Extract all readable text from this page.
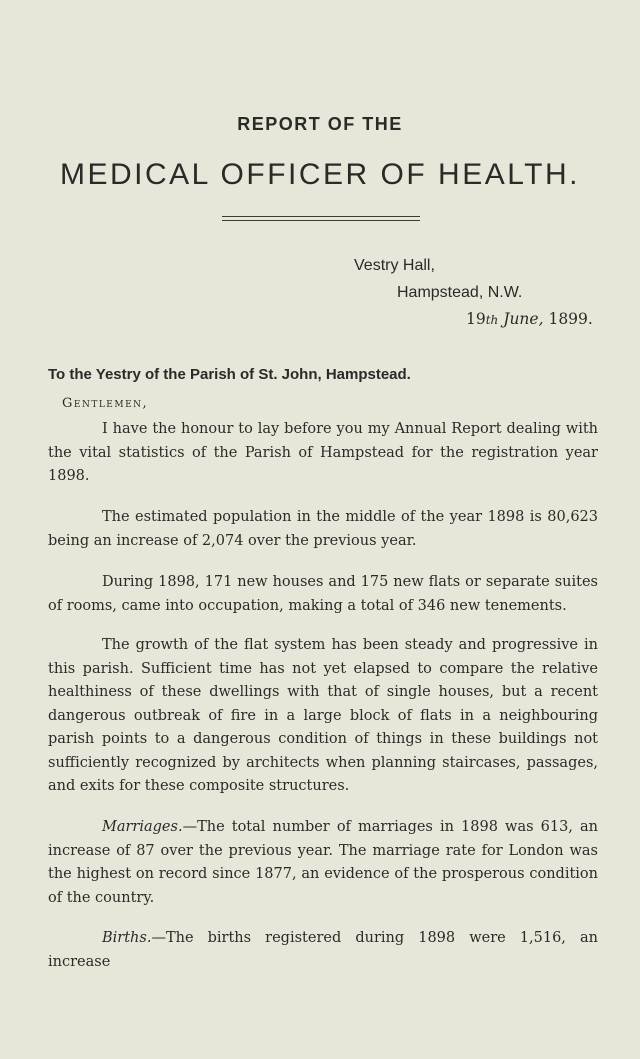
REPORT OF THE
MEDICAL OFFICER OF HEALTH.
Vestry Hall,
Hampstead, N.W.
19th June, 1899.
To the Yestry of the Parish of St. John, Hampstead.
Gentlemen,
I have the honour to lay before you my Annual Report dealing with the vital statistics of the Parish of Hampstead for the registration year 1898.
The estimated population in the middle of the year 1898 is 80,623 being an increase of 2,074 over the previous year.
During 1898, 171 new houses and 175 new flats or separate suites of rooms, came into occupation, making a total of 346 new tenements.
The growth of the flat system has been steady and progressive in this parish. Sufficient time has not yet elapsed to compare the relative healthiness of these dwellings with that of single houses, but a recent dangerous outbreak of fire in a large block of flats in a neighbouring parish points to a dangerous condition of things in these buildings not sufficiently recognized by architects when planning staircases, passages, and exits for these composite structures.
Marriages.—The total number of marriages in 1898 was 613, an increase of 87 over the previous year. The marriage rate for London was the highest on record since 1877, an evidence of the prosperous condition of the country.
Births.—The births registered during 1898 were 1,516, an increase
